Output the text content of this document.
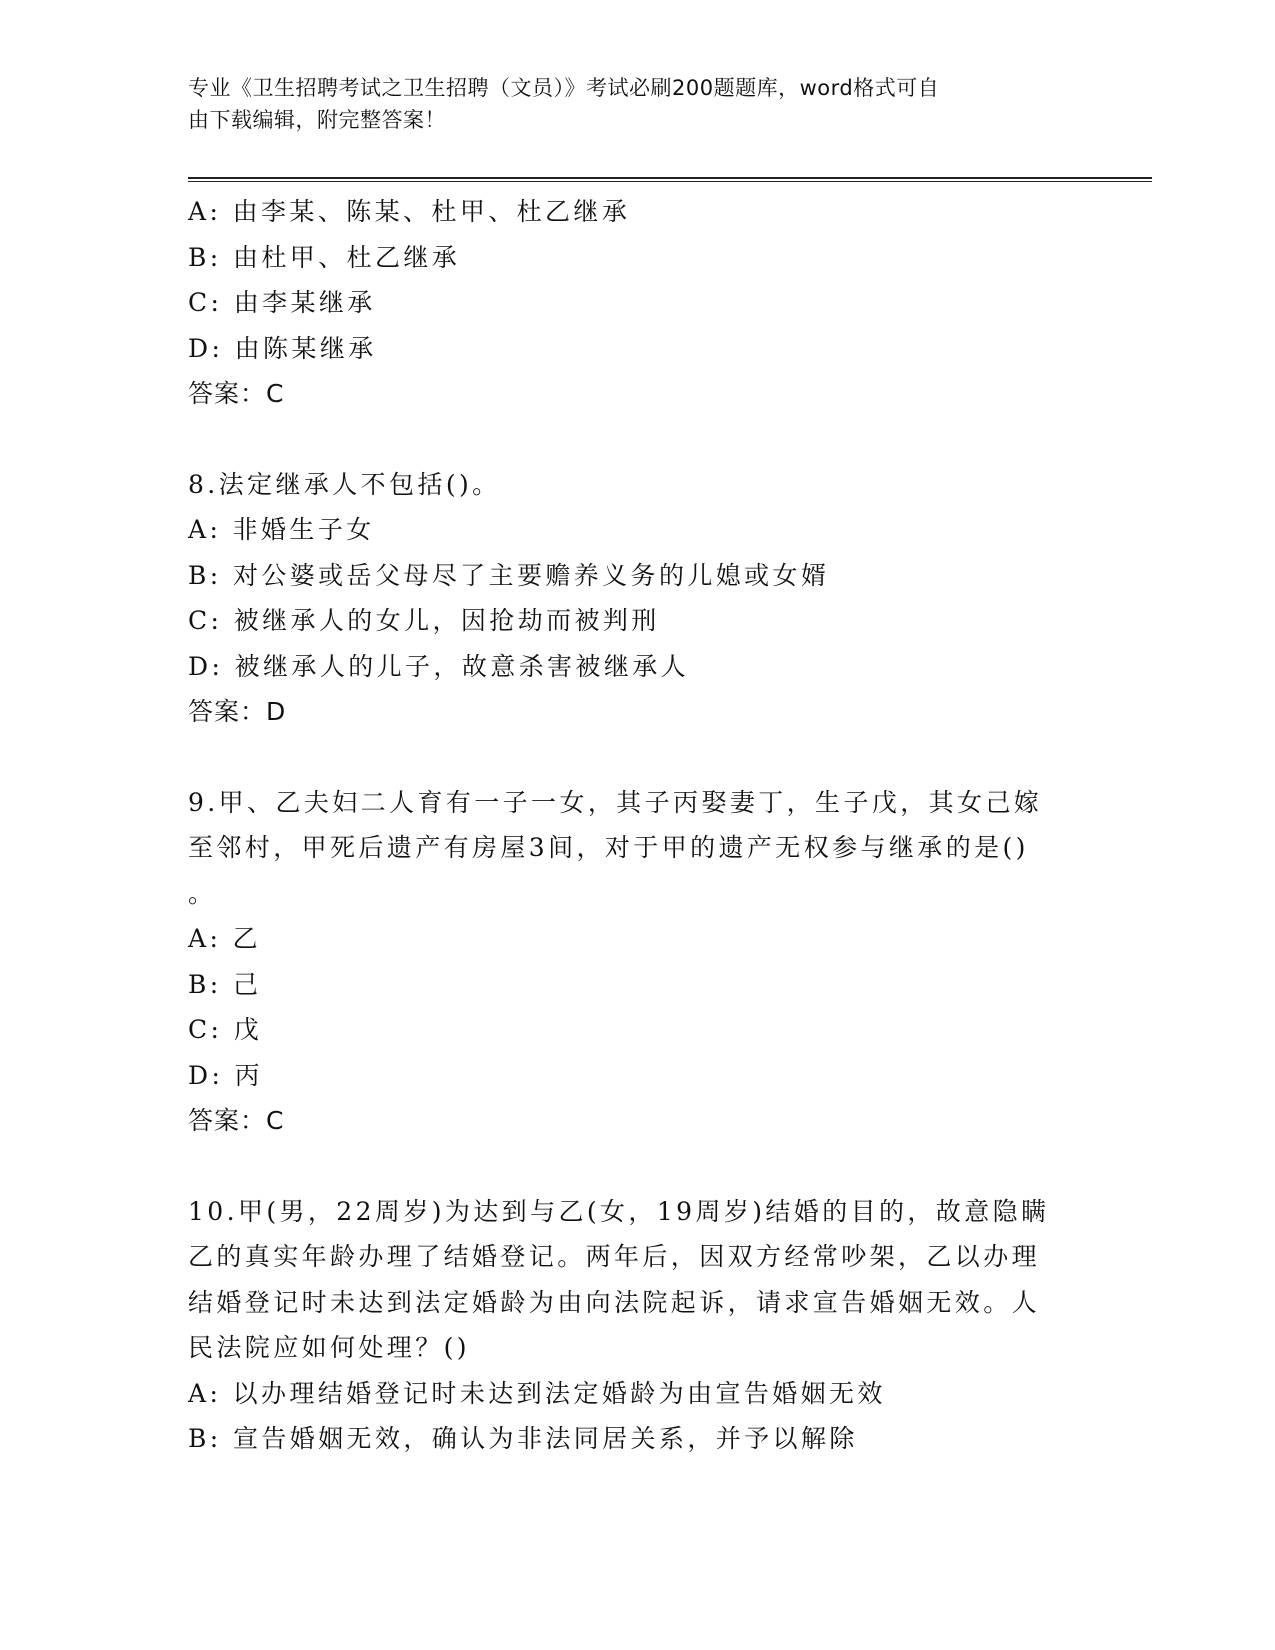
专业《卫生招聘考试之卫生招聘（文员）》考试必刷200题题库，word格式可自
由下载编辑，附完整答案！
A: 由李某、陈某、杜甲、杜乙继承
B: 由杜甲、杜乙继承
C: 由李某继承
D: 由陈某继承
答案：C
8.法定继承人不包括()。
A: 非婚生子女
B: 对公婆或岳父母尽了主要赡养义务的儿媳或女婿
C: 被继承人的女儿，因抢劫而被判刑
D: 被继承人的儿子，故意杀害被继承人
答案：D
9.甲、乙夫妇二人育有一子一女，其子丙娶妻丁，生子戊，其女己嫁
至邻村，甲死后遗产有房屋3间，对于甲的遗产无权参与继承的是()
。
A: 乙
B: 己
C: 戊
D: 丙
答案：C
10.甲(男，22周岁)为达到与乙(女，19周岁)结婚的目的，故意隐瞒
乙的真实年龄办理了结婚登记。两年后，因双方经常吵架，乙以办理
结婚登记时未达到法定婚龄为由向法院起诉，请求宣告婚姻无效。人
民法院应如何处理？()
A: 以办理结婚登记时未达到法定婚龄为由宣告婚姻无效
B: 宣告婚姻无效，确认为非法同居关系，并予以解除
